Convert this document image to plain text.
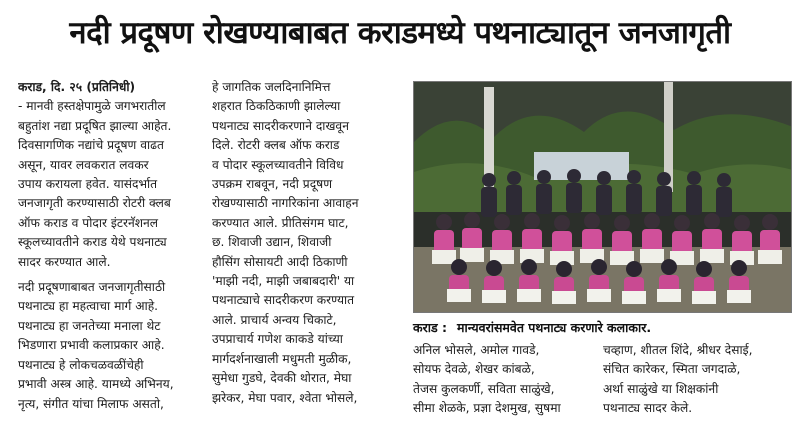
नदी प्रदूषण रोखण्याबाबत कराडमध्ये पथनाट्यातून जनजागृती

कराड, दि. २५ (प्रतिनिधी)

- मानवी हस्तक्षेपामुळे जगभरातील

बहुतांश नद्या प्रदूषित झाल्या आहेत.

दिवसागणिक नद्यांचे प्रदूषण वाढत

असून, यावर लवकरात लवकर

उपाय करायला हवेत. यासंदर्भात

जनजागृती करण्यासाठी रोटरी क्लब

ऑफ कराड व पोदार इंटरनॅशनल

स्कूलच्यावतीने कराड येथे पथनाट्य

सादर करण्यात आले.

नदी प्रदूषणाबाबत जनजागृतीसाठी

पथनाट्य हा महत्वाचा मार्ग आहे.

पथनाट्य हा जनतेच्या मनाला थेट

भिडणारा प्रभावी कलाप्रकार आहे.

पथनाट्य हे लोकचळवळींचेही

प्रभावी अस्त्र आहे. यामध्ये अभिनय,

नृत्य, संगीत यांचा मिलाफ असतो,

हे जागतिक जलदिनानिमित्त

शहरात ठिकठिकाणी झालेल्या

पथनाट्य सादरीकरणाने दाखवून

दिले. रोटरी क्लब ऑफ कराड

व पोदार स्कूलच्यावतीने विविध

उपक्रम राबवून, नदी प्रदूषण

रोखण्यासाठी नागरिकांना आवाहन

करण्यात आले. प्रीतिसंगम घाट,

छ. शिवाजी उद्यान, शिवाजी

हौसिंग सोसायटी आदी ठिकाणी

'माझी नदी, माझी जबाबदारी' या

पथनाट्याचे सादरीकरण करण्यात

आले. प्राचार्य अन्वय चिकाटे,

उपप्राचार्य गणेश काकडे यांच्या

मार्गदर्शनाखाली मधुमती मुळीक,

सुमेधा गुडघे, देवकी थोरात, मेघा

झरेकर, मेघा पवार, श्वेता भोसले,

कराड : मान्यवरांसमवेत पथनाट्य करणारे कलाकार.

अनिल भोसले, अमोल गावडे,

सोयफ देवळे, शेखर कांबळे,

तेजस कुलकर्णी, सविता साळुंखे,

सीमा शेळके, प्रज्ञा देशमुख, सुषमा

चव्हाण, शीतल शिंदे, श्रीधर देसाई,

संचित कारेकर, स्मिता जगदाळे,

अर्था साळुंखे या शिक्षकांनी

पथनाट्य सादर केले.
